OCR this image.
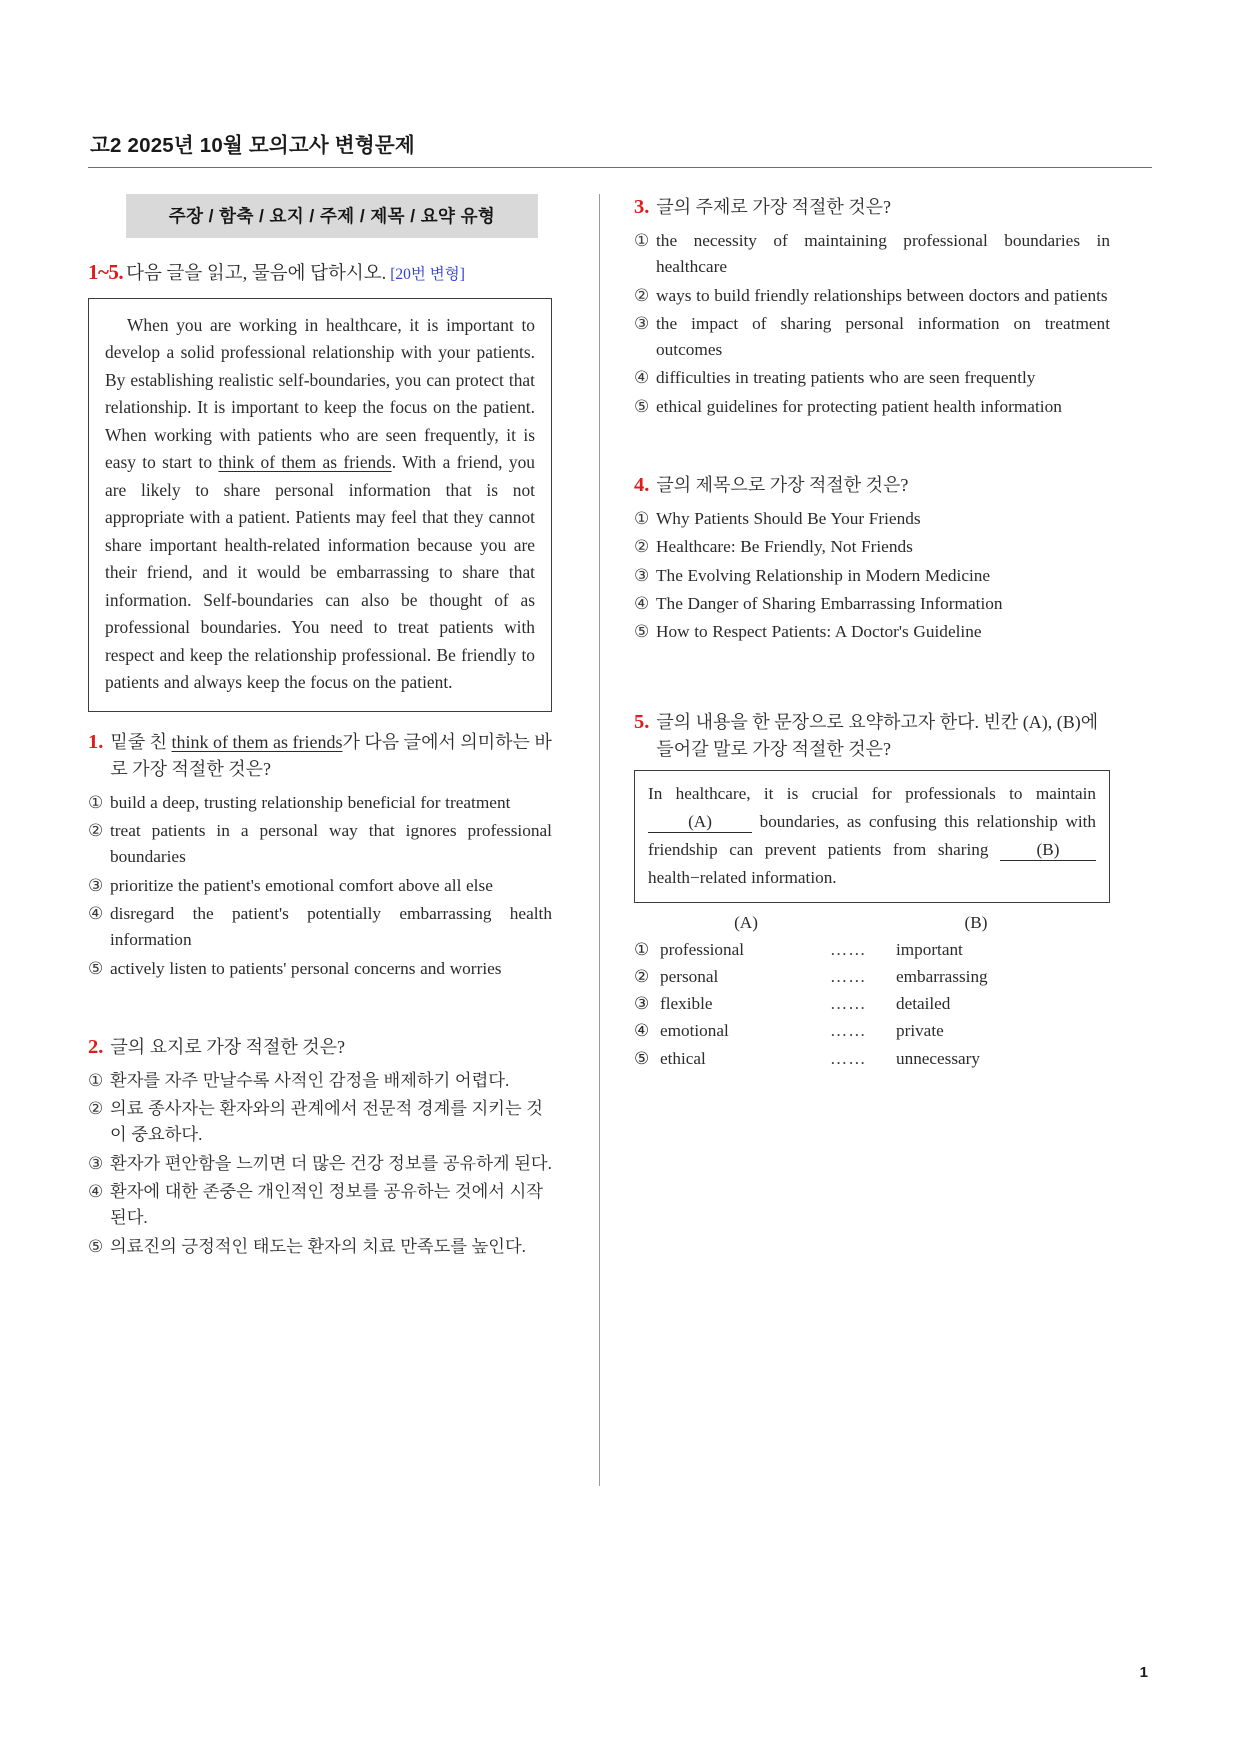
고2 2025년 10월 모의고사 변형문제
주장 / 함축 / 요지 / 주제 / 제목 / 요약 유형
1~5. 다음 글을 읽고, 물음에 답하시오. [20번 변형]

When you are working in healthcare, it is important to develop a solid professional relationship with your patients. By establishing realistic self‑boundaries, you can protect that relationship. It is important to keep the focus on the patient. When working with patients who are seen frequently, it is easy to start to think of them as friends. With a friend, you are likely to share personal information that is not appropriate with a patient. Patients may feel that they cannot share important health‑related information because you are their friend, and it would be embarrassing to share that information. Self‑boundaries can also be thought of as professional boundaries. You need to treat patients with respect and keep the relationship professional. Be friendly to patients and always keep the focus on the patient.

1. 밑줄 친 think of them as friends가 다음 글에서 의미하는 바로 가장 적절한 것은?
① build a deep, trusting relationship beneficial for treatment
② treat patients in a personal way that ignores professional boundaries
③ prioritize the patient's emotional comfort above all else
④ disregard the patient's potentially embarrassing health information
⑤ actively listen to patients' personal concerns and worries
2. 글의 요지로 가장 적절한 것은?
① 환자를 자주 만날수록 사적인 감정을 배제하기 어렵다.
② 의료 종사자는 환자와의 관계에서 전문적 경계를 지키는 것이 중요하다.
③ 환자가 편안함을 느끼면 더 많은 건강 정보를 공유하게 된다.
④ 환자에 대한 존중은 개인적인 정보를 공유하는 것에서 시작된다.
⑤ 의료진의 긍정적인 태도는 환자의 치료 만족도를 높인다.
3. 글의 주제로 가장 적절한 것은?
① the necessity of maintaining professional boundaries in healthcare
② ways to build friendly relationships between doctors and patients
③ the impact of sharing personal information on treatment outcomes
④ difficulties in treating patients who are seen frequently
⑤ ethical guidelines for protecting patient health information
4. 글의 제목으로 가장 적절한 것은?
① Why Patients Should Be Your Friends
② Healthcare: Be Friendly, Not Friends
③ The Evolving Relationship in Modern Medicine
④ The Danger of Sharing Embarrassing Information
⑤ How to Respect Patients: A Doctor's Guideline
5. 글의 내용을 한 문장으로 요약하고자 한다. 빈칸 (A), (B)에 들어갈 말로 가장 적절한 것은?

In healthcare, it is crucial for professionals to maintain (A) boundaries, as confusing this relationship with friendship can prevent patients from sharing (B) health−related information.

(A)	(B)
① professional	……	important
② personal	……	embarrassing
③ flexible	……	detailed
④ emotional	……	private
⑤ ethical	……	unnecessary
1
